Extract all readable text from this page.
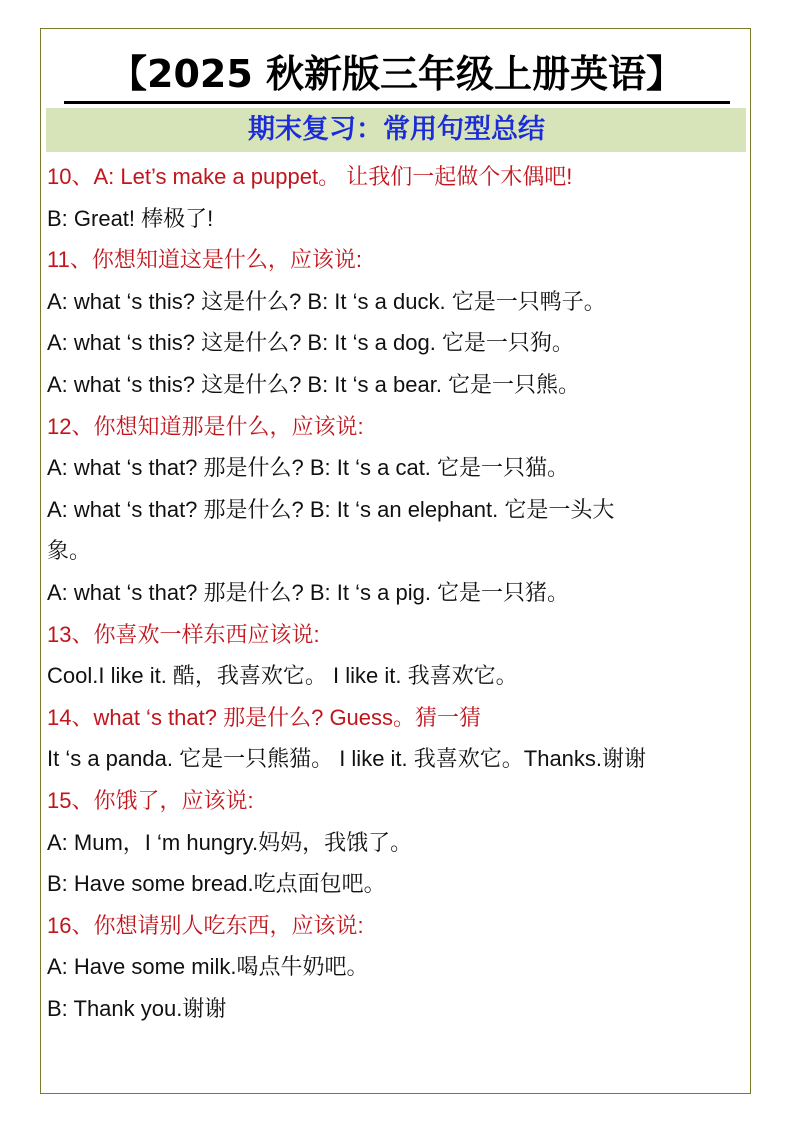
【2025 秋新版三年级上册英语】
期末复习：常用句型总结
10、A: Let’s make a puppet。 让我们一起做个木偶吧!
B: Great! 棒极了!
11、你想知道这是什么，应该说:
A: what ‘s this? 这是什么? B: It ‘s a duck. 它是一只鸭子。
A: what ‘s this? 这是什么? B: It ‘s a dog. 它是一只狗。
A: what ‘s this? 这是什么? B: It ‘s a bear. 它是一只熊。
12、你想知道那是什么，应该说:
A: what ‘s that? 那是什么? B: It ‘s a cat. 它是一只猫。
A: what ‘s that? 那是什么? B: It ‘s an elephant. 它是一头大
象。
A: what ‘s that? 那是什么? B: It ‘s a pig. 它是一只猪。
13、你喜欢一样东西应该说:
Cool.I like it. 酷，我喜欢它。 I like it. 我喜欢它。
14、what ‘s that? 那是什么? Guess。猜一猜
It ‘s a panda. 它是一只熊猫。 I like it. 我喜欢它。Thanks.谢谢
15、你饿了，应该说:
A: Mum，I ‘m hungry.妈妈，我饿了。
B: Have some bread.吃点面包吧。
16、你想请别人吃东西，应该说:
A: Have some milk.喝点牛奶吧。
B: Thank you.谢谢
